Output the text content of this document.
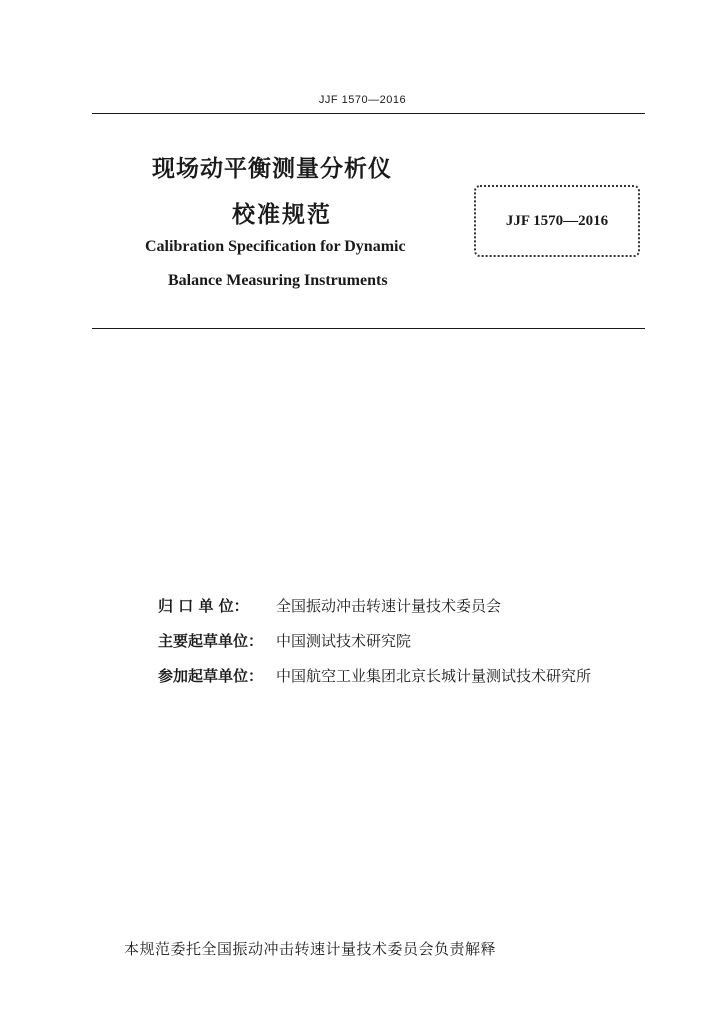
JJF 1570—2016
现场动平衡测量分析仪
校准规范
Calibration Specification for Dynamic
Balance Measuring Instruments
JJF 1570—2016
归 口 单 位： 全国振动冲击转速计量技术委员会
主要起草单位： 中国测试技术研究院
参加起草单位： 中国航空工业集团北京长城计量测试技术研究所
本规范委托全国振动冲击转速计量技术委员会负责解释
